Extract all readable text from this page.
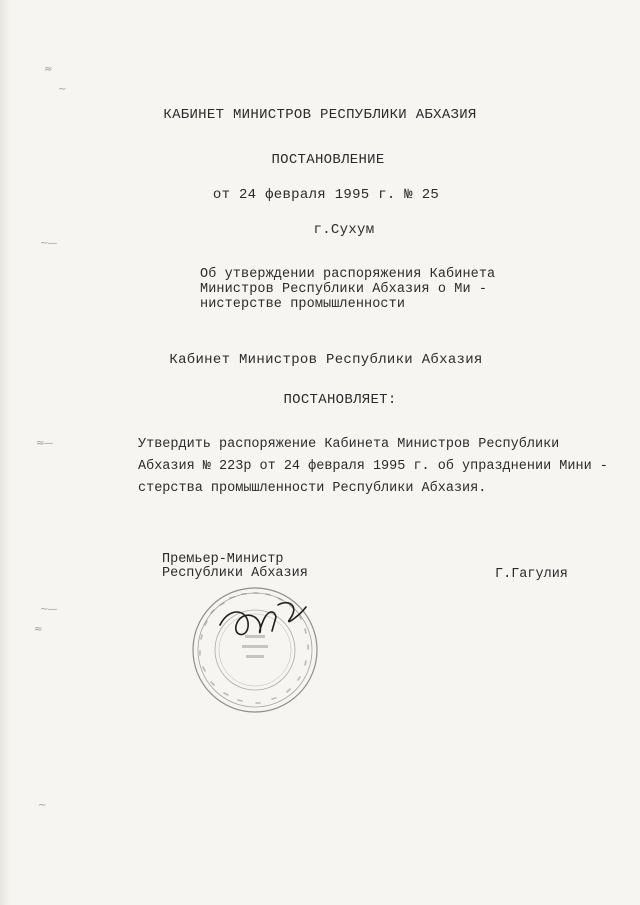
≈
∼
∼—
≈—
∼—
≈
∼
КАБИНЕТ МИНИСТРОВ РЕСПУБЛИКИ АБХАЗИЯ
ПОСТАНОВЛЕНИЕ
от 24 февраля 1995 г. № 25
г.Сухум
Об утверждении распоряжения Кабинета
Министров Республики Абхазия о Ми -
нистерстве промышленности
Кабинет Министров Республики Абхазия
ПОСТАНОВЛЯЕТ:
Утвердить распоряжение Кабинета Министров Республики
Абхазия № 223р от 24 февраля 1995 г. об упразднении Мини -
стерства промышленности Республики Абхазия.
Премьер-Министр
Республики Абхазия	Г.Гагулия
